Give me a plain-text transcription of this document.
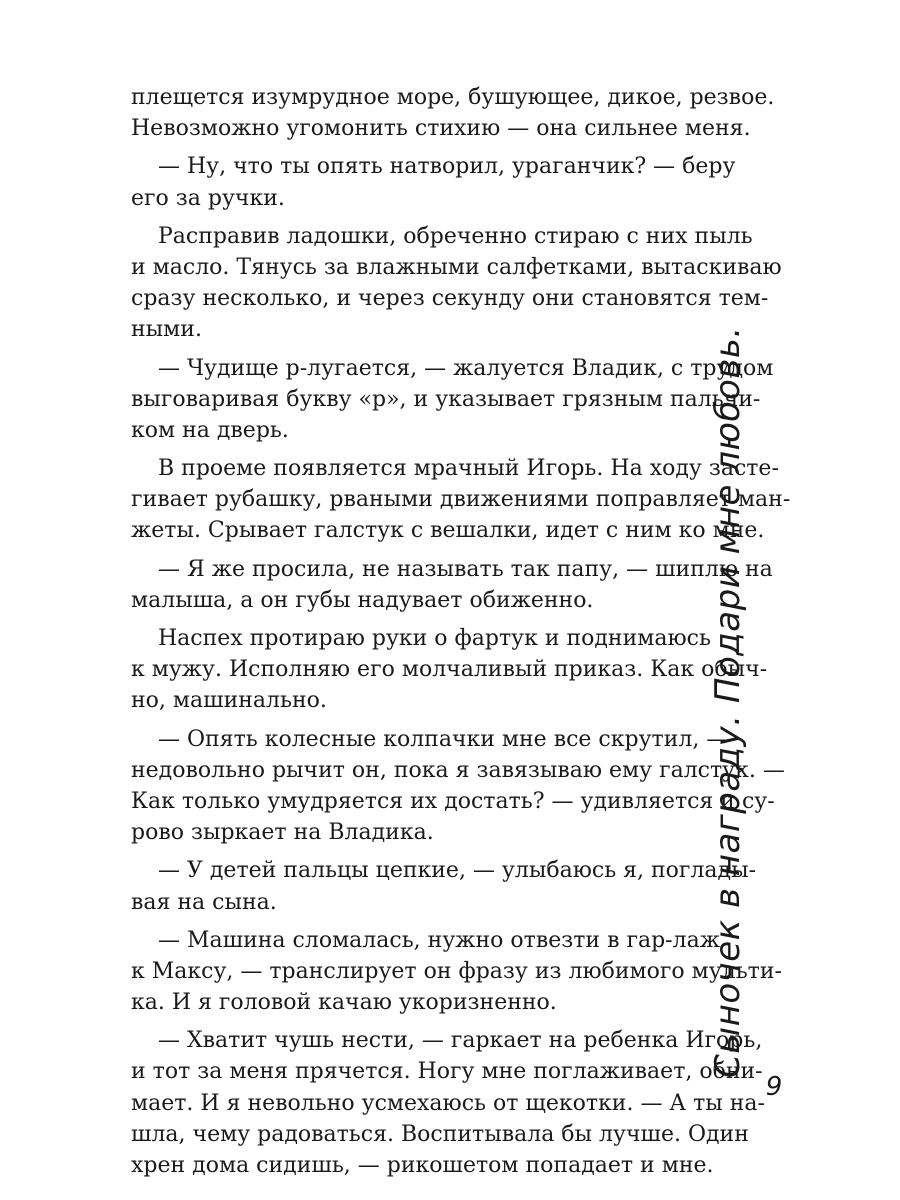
плещется изумрудное море, бушующее, дикое, резвое.
Невозможно угомонить стихию — она сильнее меня.
— Ну, что ты опять натворил, ураганчик? — беру
его за ручки.
Расправив ладошки, обреченно стираю с них пыль
и масло. Тянусь за влажными салфетками, вытаскиваю
сразу несколько, и через секунду они становятся тем-
ными.
— Чудище р-лугается, — жалуется Владик, с трудом
выговаривая букву «р», и указывает грязным пальчи-
ком на дверь.
В проеме появляется мрачный Игорь. На ходу засте-
гивает рубашку, рваными движениями поправляет ман-
жеты. Срывает галстук с вешалки, идет с ним ко мне.
— Я же просила, не называть так папу, — шиплю на
малыша, а он губы надувает обиженно.
Наспех протираю руки о фартук и поднимаюсь
к мужу. Исполняю его молчаливый приказ. Как обыч-
но, машинально.
— Опять колесные колпачки мне все скрутил, —
недовольно рычит он, пока я завязываю ему галстук. —
Как только умудряется их достать? — удивляется и су-
рово зыркает на Владика.
— У детей пальцы цепкие, — улыбаюсь я, поглады-
вая на сына.
— Машина сломалась, нужно отвезти в гар-лаж
к Максу, — транслирует он фразу из любимого мульти-
ка. И я головой качаю укоризненно.
— Хватит чушь нести, — гаркает на ребенка Игорь,
и тот за меня прячется. Ногу мне поглаживает, обни-
мает. И я невольно усмехаюсь от щекотки. — А ты на-
шла, чему радоваться. Воспитывала бы лучше. Один
хрен дома сидишь, — рикошетом попадает и мне.
Сыночек в награду. Подари мне любовь.
9
